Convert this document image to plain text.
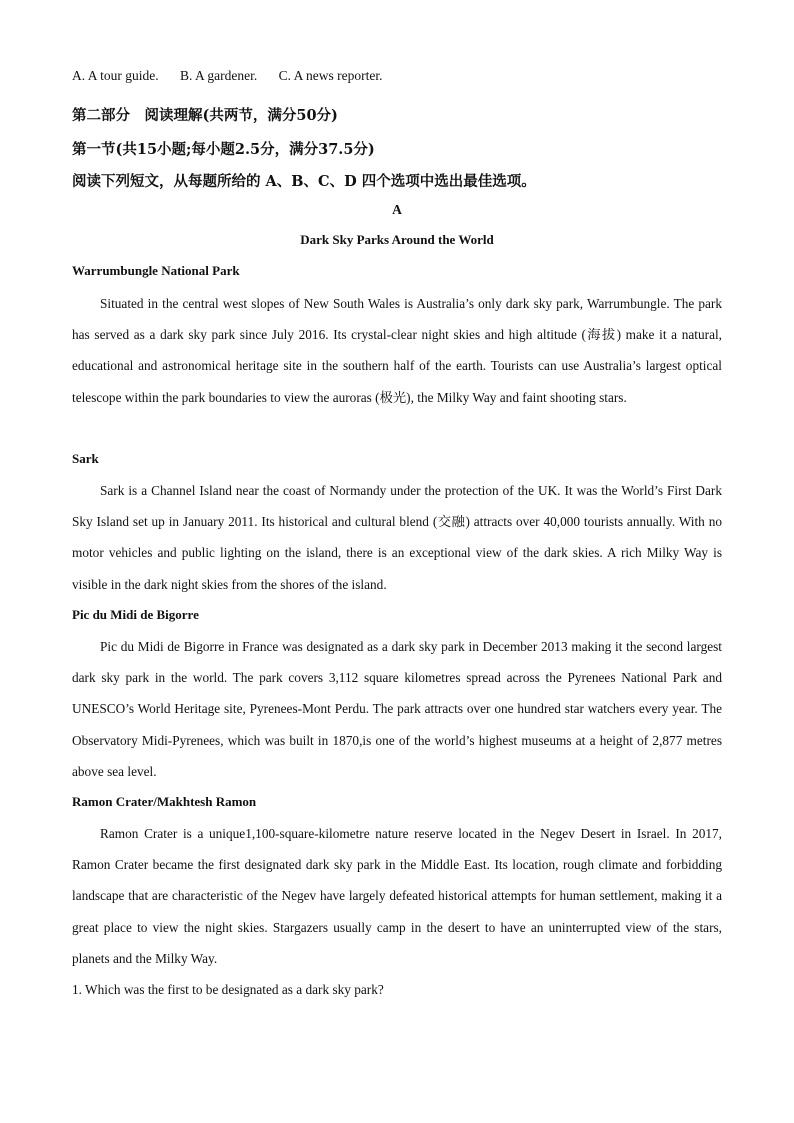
A. A tour guide. B. A gardener. C. A news reporter.
第二部分　阅读理解(共两节，满分50分)
第一节(共15小题;每小题2.5分，满分37.5分)
阅读下列短文，从每题所给的 A、B、C、D 四个选项中选出最佳选项。
A
Dark Sky Parks Around the World
Warrumbungle National Park
Situated in the central west slopes of New South Wales is Australia’s only dark sky park, Warrumbungle. The park has served as a dark sky park since July 2016. Its crystal-clear night skies and high altitude (海拔) make it a natural, educational and astronomical heritage site in the southern half of the earth. Tourists can use Australia’s largest optical telescope within the park boundaries to view the auroras (极光), the Milky Way and faint shooting stars.
Sark
Sark is a Channel Island near the coast of Normandy under the protection of the UK. It was the World’s First Dark Sky Island set up in January 2011. Its historical and cultural blend (交融) attracts over 40,000 tourists annually. With no motor vehicles and public lighting on the island, there is an exceptional view of the dark skies. A rich Milky Way is visible in the dark night skies from the shores of the island.
Pic du Midi de Bigorre
Pic du Midi de Bigorre in France was designated as a dark sky park in December 2013 making it the second largest dark sky park in the world. The park covers 3,112 square kilometres spread across the Pyrenees National Park and UNESCO’s World Heritage site, Pyrenees-Mont Perdu. The park attracts over one hundred star watchers every year. The Observatory Midi-Pyrenees, which was built in 1870,is one of the world’s highest museums at a height of 2,877 metres above sea level.
Ramon Crater/Makhtesh Ramon
Ramon Crater is a unique1,100-square-kilometre nature reserve located in the Negev Desert in Israel. In 2017, Ramon Crater became the first designated dark sky park in the Middle East. Its location, rough climate and forbidding landscape that are characteristic of the Negev have largely defeated historical attempts for human settlement, making it a great place to view the night skies. Stargazers usually camp in the desert to have an uninterrupted view of the stars, planets and the Milky Way.
1. Which was the first to be designated as a dark sky park?
